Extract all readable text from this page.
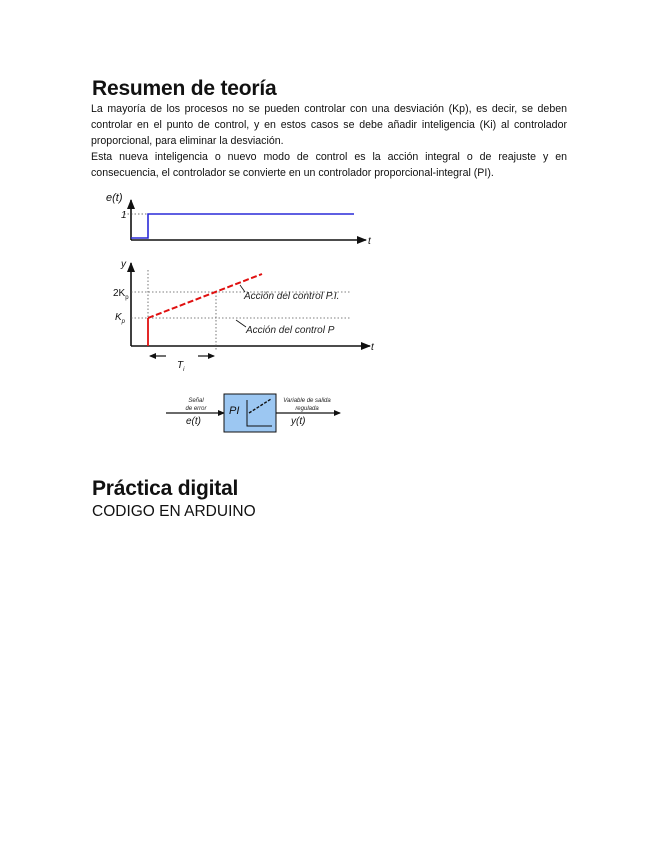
Resumen de teoría

La mayoría de los procesos no se pueden controlar con una desviación (Kp), es decir, se deben controlar en el punto de control, y en estos casos se debe añadir inteligencia (Ki) al controlador proporcional, para eliminar la desviación.

Esta nueva inteligencia o nuevo modo de control es la acción integral o de reajuste y en consecuencia, el controlador se convierte en un controlador proporcional-integral (PI).

e(t)
1
t
y
$2K_p$
$K_p$
t
Acción del control P.I.
Acción del control P
$T_i$
Señal
de error
e(t)
PI
Variable de salida
regulada
y(t)
Práctica digital

CODIGO EN ARDUINO
